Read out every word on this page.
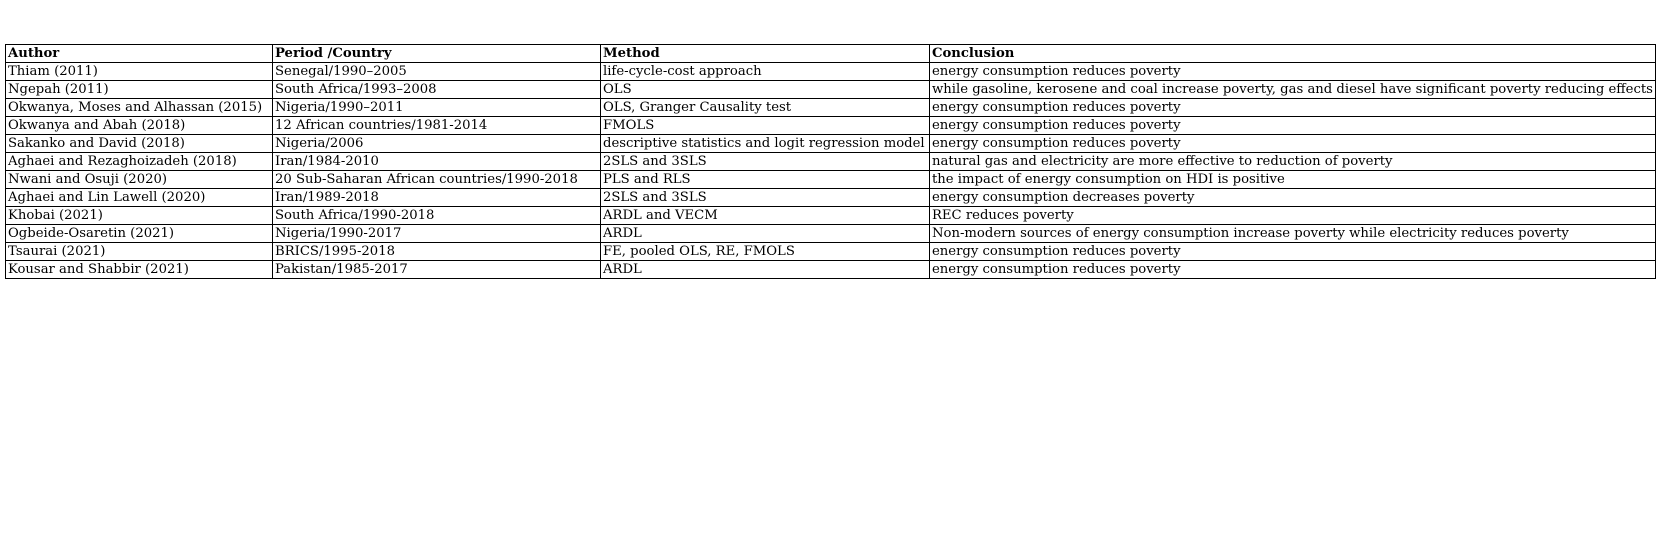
Author	Period /Country	Method	Conclusion
Thiam (2011)	Senegal/1990–2005	life-cycle-cost approach	energy consumption reduces poverty
Ngepah (2011)	South Africa/1993–2008	OLS	while gasoline, kerosene and coal increase poverty, gas and diesel have significant poverty reducing effects
Okwanya, Moses and Alhassan (2015)	Nigeria/1990–2011	OLS, Granger Causality test	energy consumption reduces poverty
Okwanya and Abah (2018)	12 African countries/1981-2014	FMOLS	energy consumption reduces poverty
Sakanko and David (2018)	Nigeria/2006	descriptive statistics and logit regression model	energy consumption reduces poverty
Aghaei and Rezaghoizadeh (2018)	Iran/1984-2010	2SLS and 3SLS	natural gas and electricity are more effective to reduction of poverty
Nwani and Osuji (2020)	20 Sub-Saharan African countries/1990-2018	PLS and RLS	the impact of energy consumption on HDI is positive
Aghaei and Lin Lawell (2020)	Iran/1989-2018	2SLS and 3SLS	energy consumption decreases poverty
Khobai (2021)	South Africa/1990-2018	ARDL and VECM	REC reduces poverty
Ogbeide-Osaretin (2021)	Nigeria/1990-2017	ARDL	Non-modern sources of energy consumption increase poverty while electricity reduces poverty
Tsaurai (2021)	BRICS/1995-2018	FE, pooled OLS, RE, FMOLS	energy consumption reduces poverty
Kousar and Shabbir (2021)	Pakistan/1985-2017	ARDL	energy consumption reduces poverty
